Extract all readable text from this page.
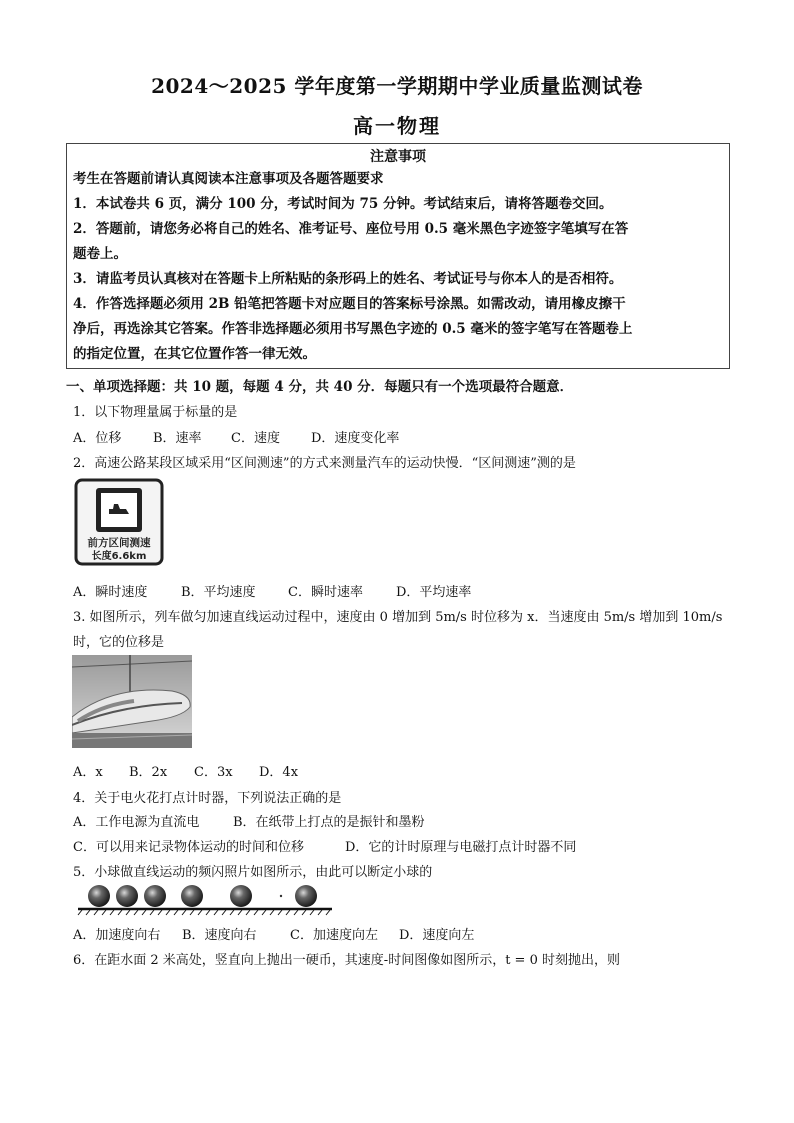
2024～2025 学年度第一学期期中学业质量监测试卷
高一物理
注意事项
考生在答题前请认真阅读本注意事项及各题答题要求
1．本试卷共 6 页，满分 100 分，考试时间为 75 分钟。考试结束后，请将答题卷交回。
2．答题前，请您务必将自己的姓名、准考证号、座位号用 0.5 毫米黑色字迹签字笔填写在答
题卷上。
3．请监考员认真核对在答题卡上所粘贴的条形码上的姓名、考试证号与你本人的是否相符。
4．作答选择题必须用 2B 铅笔把答题卡对应题目的答案标号涂黑。如需改动，请用橡皮擦干
净后，再选涂其它答案。作答非选择题必须用书写黑色字迹的 0.5 毫米的签字笔写在答题卷上
的指定位置，在其它位置作答一律无效。
一、单项选择题：共 10 题，每题 4 分，共 40 分．每题只有一个选项最符合题意．
1．以下物理量属于标量的是
A．位移 B．速率 C．速度 D．速度变化率
2．高速公路某段区域采用“区间测速”的方式来测量汽车的运动快慢．“区间测速”测的是
前方区间测速
长度6.6km
A．瞬时速度	B．平均速度 C．瞬时速率	D．平均速率
3. 如图所示，列车做匀加速直线运动过程中，速度由 0 增加到 5m/s 时位移为 x．当速度由 5m/s 增加到 10m/s
时，它的位移是
A．x B．2x C．3x D．4x
4．关于电火花打点计时器，下列说法正确的是
A．工作电源为直流电	B．在纸带上打点的是振针和墨粉
C．可以用来记录物体运动的时间和位移	D．它的计时原理与电磁打点计时器不同
5．小球做直线运动的频闪照片如图所示，由此可以断定小球的
A．加速度向右 B．速度向右	C．加速度向左 D．速度向左
6．在距水面 2 米高处，竖直向上抛出一硬币，其速度-时间图像如图所示，t = 0 时刻抛出，则
